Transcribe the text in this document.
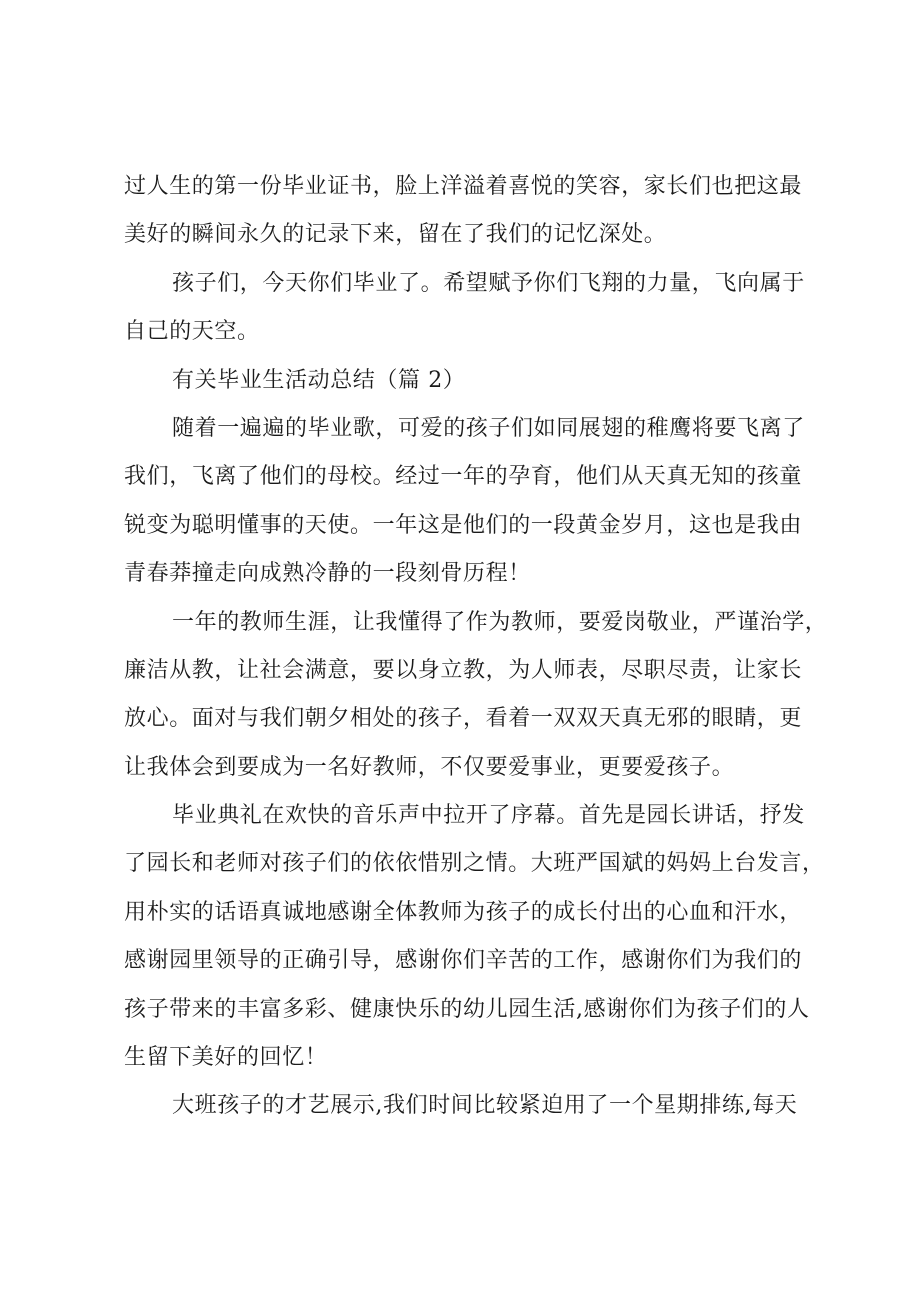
过人生的第一份毕业证书，脸上洋溢着喜悦的笑容，家长们也把这最
美好的瞬间永久的记录下来，留在了我们的记忆深处。
孩子们，今天你们毕业了。希望赋予你们飞翔的力量，飞向属于
自己的天空。
有关毕业生活动总结（篇 2）
随着一遍遍的毕业歌，可爱的孩子们如同展翅的稚鹰将要飞离了
我们，飞离了他们的母校。经过一年的孕育，他们从天真无知的孩童
锐变为聪明懂事的天使。一年这是他们的一段黄金岁月，这也是我由
青春莽撞走向成熟冷静的一段刻骨历程！
一年的教师生涯，让我懂得了作为教师，要爱岗敬业，严谨治学，
廉洁从教，让社会满意，要以身立教，为人师表，尽职尽责，让家长
放心。面对与我们朝夕相处的孩子，看着一双双天真无邪的眼睛，更
让我体会到要成为一名好教师，不仅要爱事业，更要爱孩子。
毕业典礼在欢快的音乐声中拉开了序幕。首先是园长讲话，抒发
了园长和老师对孩子们的依依惜别之情。大班严国斌的妈妈上台发言，
用朴实的话语真诚地感谢全体教师为孩子的成长付出的心血和汗水，
感谢园里领导的正确引导，感谢你们辛苦的工作，感谢你们为我们的
孩子带来的丰富多彩、健康快乐的幼儿园生活,感谢你们为孩子们的人
生留下美好的回忆！
大班孩子的才艺展示,我们时间比较紧迫用了一个星期排练,每天
